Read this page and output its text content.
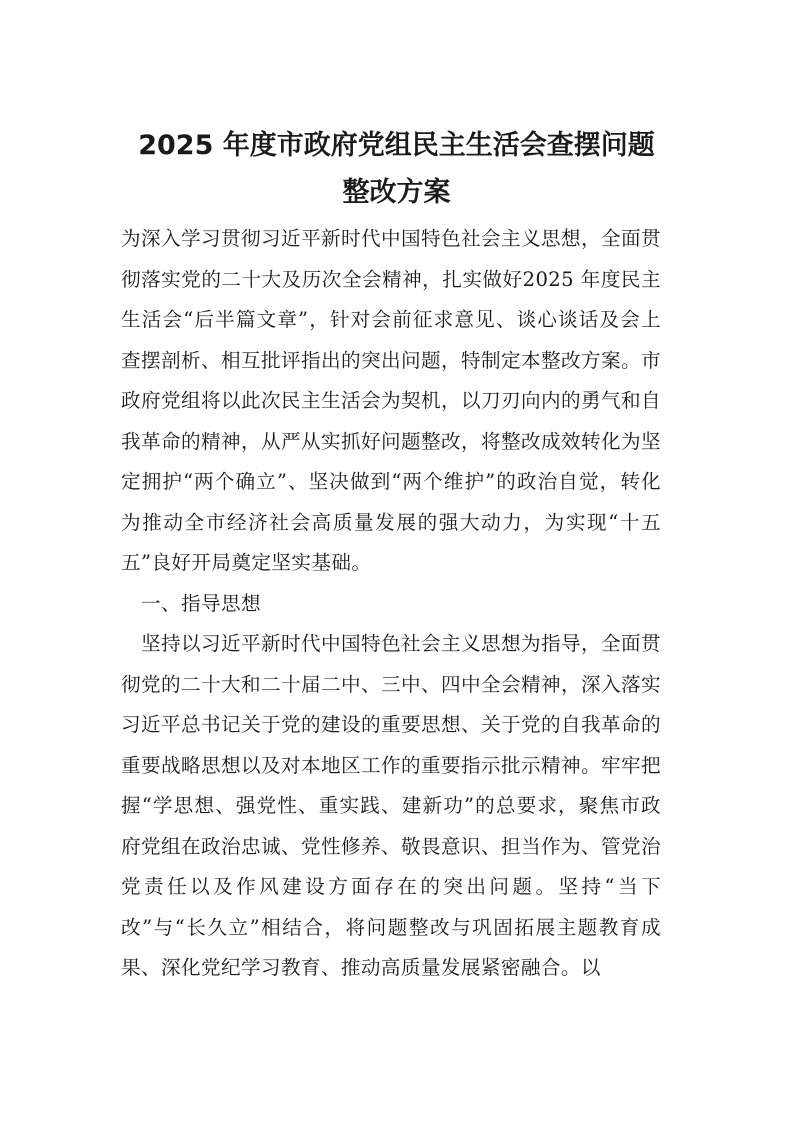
2025 年度市政府党组民主生活会查摆问题
整改方案

为深入学习贯彻习近平新时代中国特色社会主义思想，全面贯彻落实党的二十大及历次全会精神，扎实做好2025 年度民主生活会“后半篇文章”，针对会前征求意见、谈心谈话及会上查摆剖析、相互批评指出的突出问题，特制定本整改方案。市政府党组将以此次民主生活会为契机，以刀刃向内的勇气和自我革命的精神，从严从实抓好问题整改，将整改成效转化为坚定拥护“两个确立”、坚决做到“两个维护”的政治自觉，转化为推动全市经济社会高质量发展的强大动力，为实现“十五五”良好开局奠定坚实基础。

一、指导思想

坚持以习近平新时代中国特色社会主义思想为指导，全面贯彻党的二十大和二十届二中、三中、四中全会精神，深入落实习近平总书记关于党的建设的重要思想、关于党的自我革命的重要战略思想以及对本地区工作的重要指示批示精神。牢牢把握“学思想、强党性、重实践、建新功”的总要求，聚焦市政府党组在政治忠诚、党性修养、敬畏意识、担当作为、管党治党责任以及作风建设方面存在的突出问题。坚持“当下改”与“长久立”相结合，将问题整改与巩固拓展主题教育成果、深化党纪学习教育、推动高质量发展紧密融合。以
